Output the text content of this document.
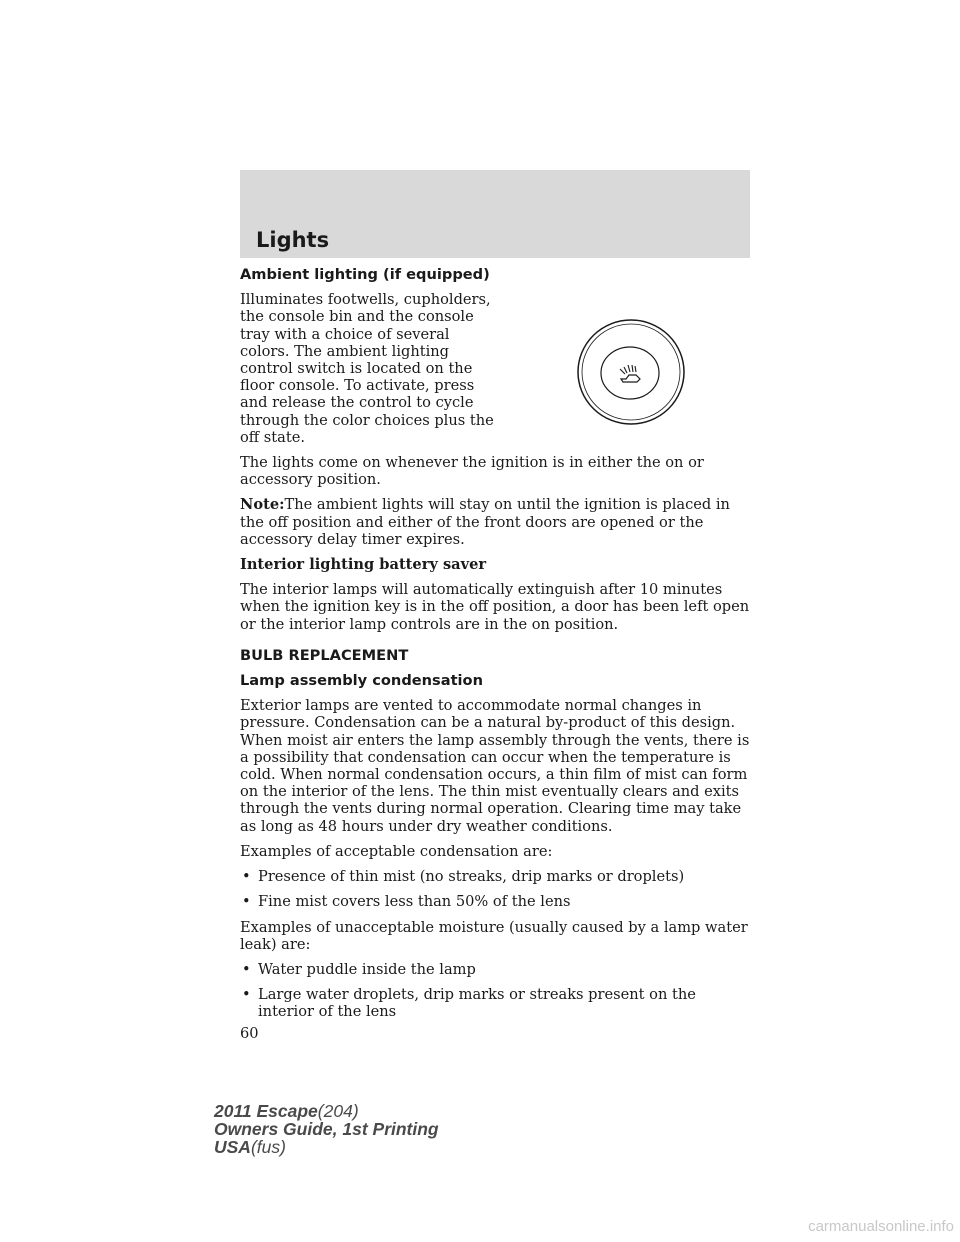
Lights
Ambient lighting (if equipped)

Illuminates footwells, cupholders, the console bin and the console tray with a choice of several colors. The ambient lighting control switch is located on the floor console. To activate, press and release the control to cycle through the color choices plus the off state.

The lights come on whenever the ignition is in either the on or accessory position.

Note:The ambient lights will stay on until the ignition is placed in the off position and either of the front doors are opened or the accessory delay timer expires.

Interior lighting battery saver

The interior lamps will automatically extinguish after 10 minutes when the ignition key is in the off position, a door has been left open or the interior lamp controls are in the on position.

BULB REPLACEMENT
Lamp assembly condensation

Exterior lamps are vented to accommodate normal changes in pressure. Condensation can be a natural by-product of this design. When moist air enters the lamp assembly through the vents, there is a possibility that condensation can occur when the temperature is cold. When normal condensation occurs, a thin film of mist can form on the interior of the lens. The thin mist eventually clears and exits through the vents during normal operation. Clearing time may take as long as 48 hours under dry weather conditions.

Examples of acceptable condensation are:

• Presence of thin mist (no streaks, drip marks or droplets)
• Fine mist covers less than 50% of the lens

Examples of unacceptable moisture (usually caused by a lamp water leak) are:

• Water puddle inside the lamp
• Large water droplets, drip marks or streaks present on the interior of the lens
60
2011 Escape(204)
Owners Guide, 1st Printing
USA(fus)
carmanualsonline.info
